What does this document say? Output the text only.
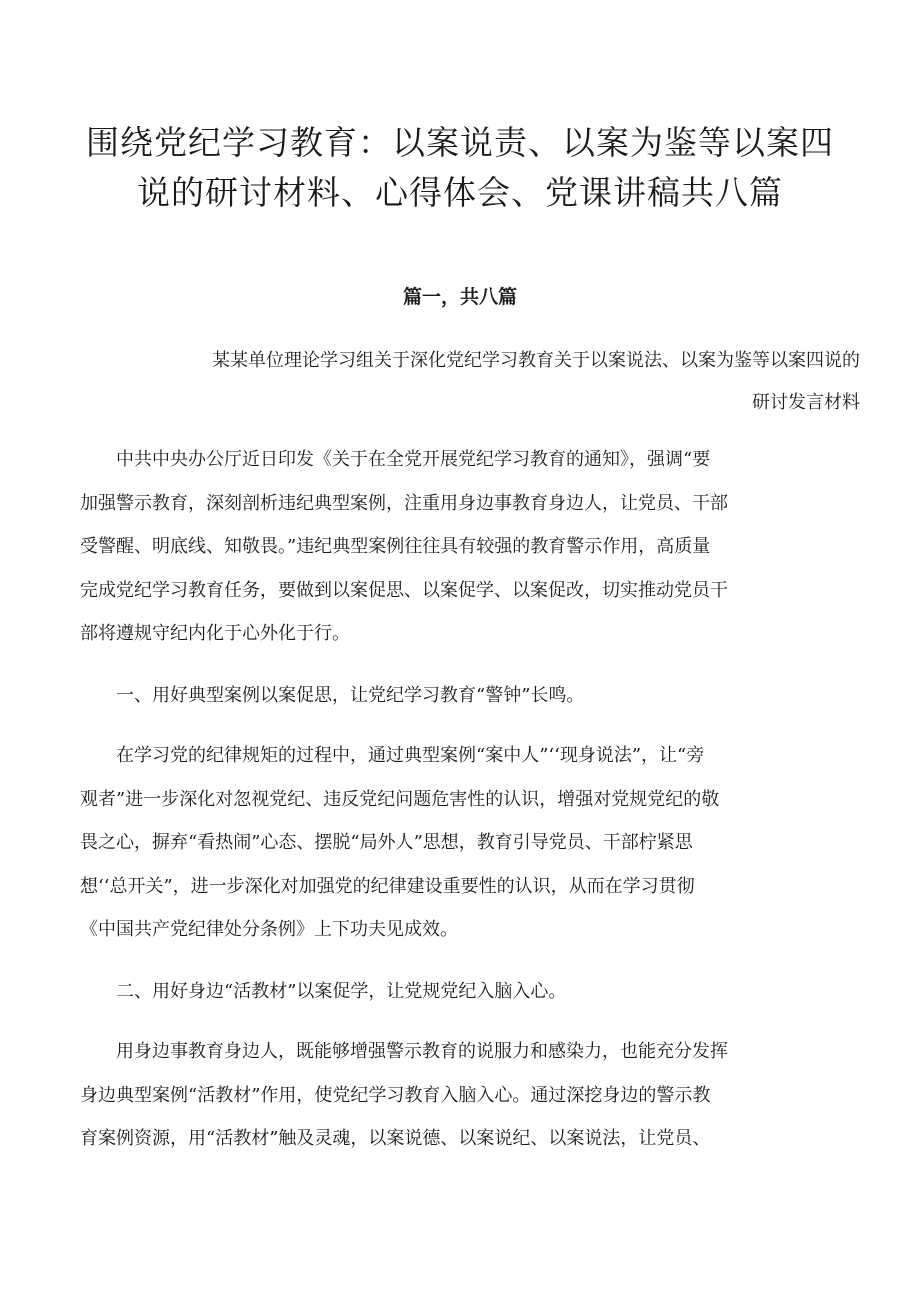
围绕党纪学习教育：以案说责、以案为鉴等以案四
说的研讨材料、心得体会、党课讲稿共八篇
篇一，共八篇
某某单位理论学习组关于深化党纪学习教育关于以案说法、以案为鉴等以案四说的
研讨发言材料

　　中共中央办公厅近日印发《关于在全党开展党纪学习教育的通知》，强调“要
加强警示教育，深刻剖析违纪典型案例，注重用身边事教育身边人，让党员、干部
受警醒、明底线、知敬畏。”违纪典型案例往往具有较强的教育警示作用，高质量
完成党纪学习教育任务，要做到以案促思、以案促学、以案促改，切实推动党员干
部将遵规守纪内化于心外化于行。

　　一、用好典型案例以案促思，让党纪学习教育“警钟”长鸣。

　　在学习党的纪律规矩的过程中，通过典型案例“案中人”‘‘现身说法”，让“旁
观者”进一步深化对忽视党纪、违反党纪问题危害性的认识，增强对党规党纪的敬
畏之心，摒弃“看热闹”心态、摆脱“局外人”思想，教育引导党员、干部柠紧思
想‘‘总开关”，进一步深化对加强党的纪律建设重要性的认识，从而在学习贯彻
《中国共产党纪律处分条例》上下功夫见成效。

　　二、用好身边“活教材”以案促学，让党规党纪入脑入心。

　　用身边事教育身边人，既能够增强警示教育的说服力和感染力，也能充分发挥
身边典型案例“活教材”作用，使党纪学习教育入脑入心。通过深挖身边的警示教
育案例资源，用“活教材”触及灵魂，以案说德、以案说纪、以案说法，让党员、
